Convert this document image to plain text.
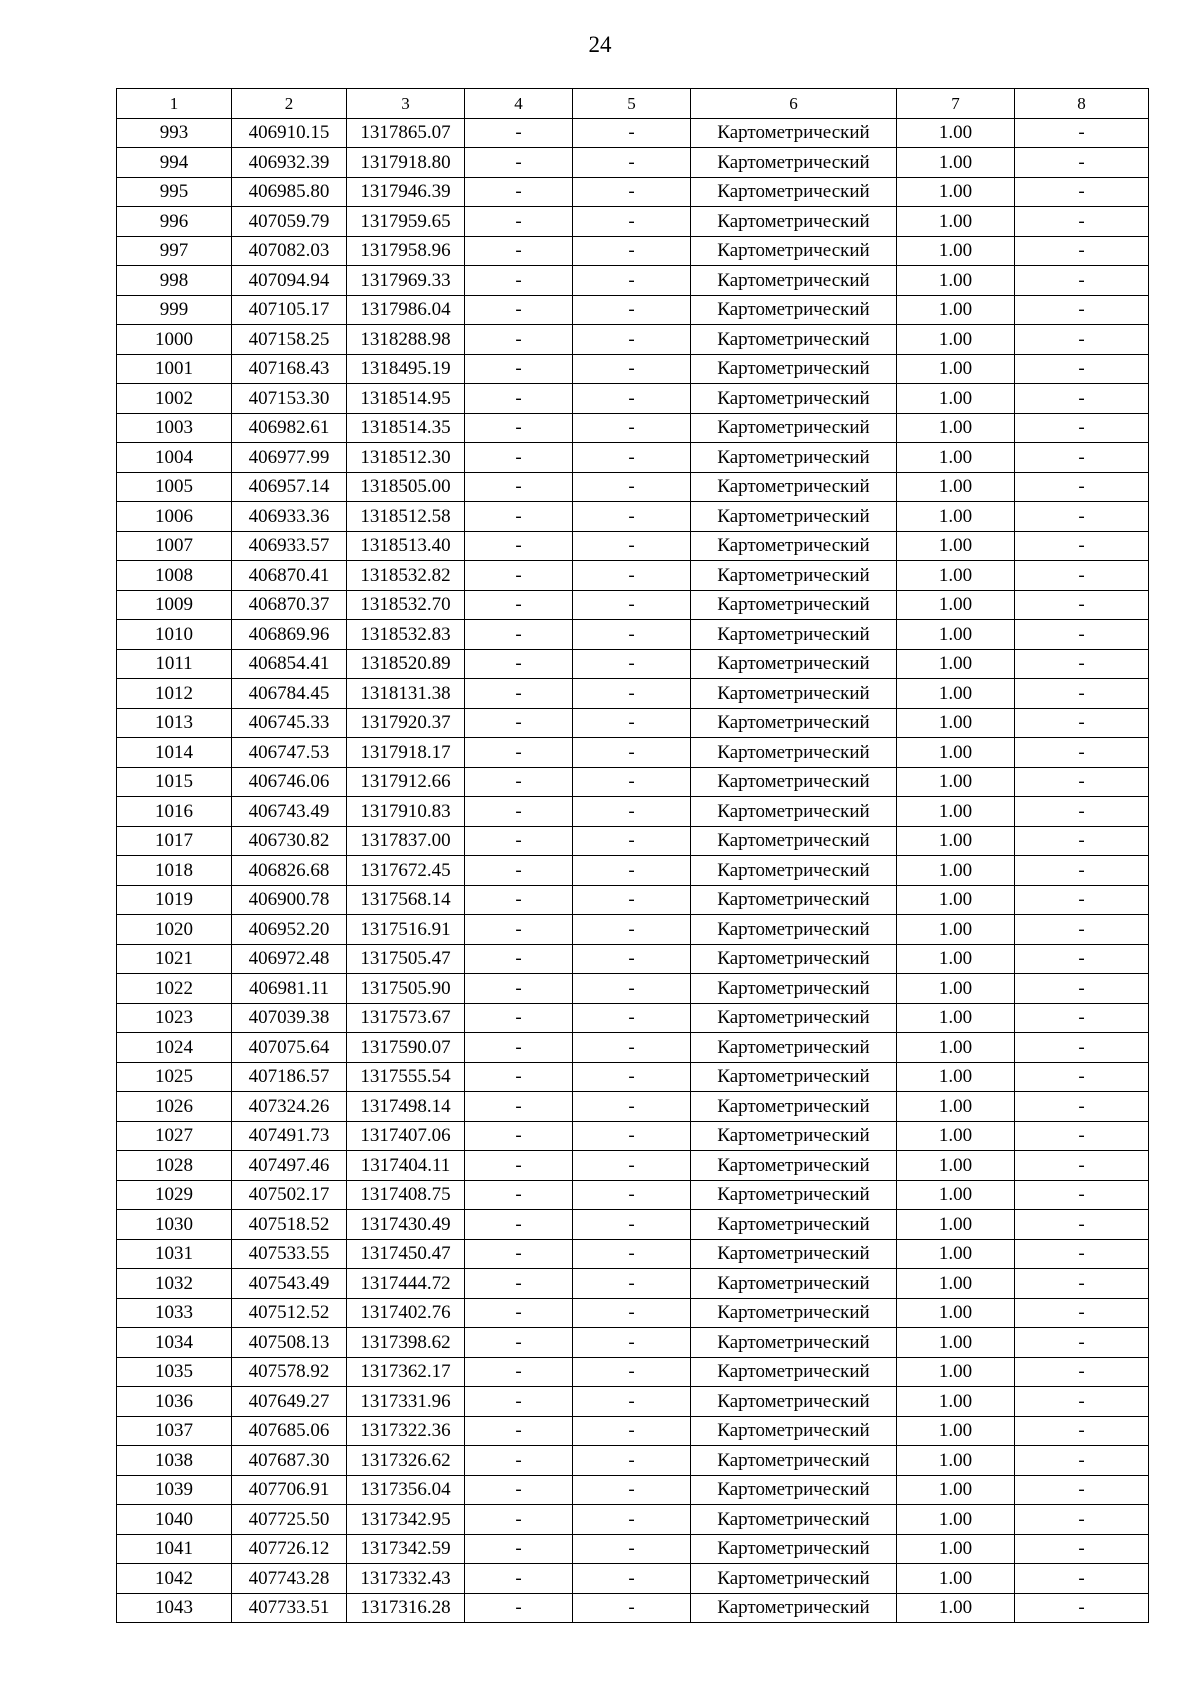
24
1	2	3	4	5	6	7	8
993	406910.15	1317865.07	-	-	Картометрический	1.00	-
994	406932.39	1317918.80	-	-	Картометрический	1.00	-
995	406985.80	1317946.39	-	-	Картометрический	1.00	-
996	407059.79	1317959.65	-	-	Картометрический	1.00	-
997	407082.03	1317958.96	-	-	Картометрический	1.00	-
998	407094.94	1317969.33	-	-	Картометрический	1.00	-
999	407105.17	1317986.04	-	-	Картометрический	1.00	-
1000	407158.25	1318288.98	-	-	Картометрический	1.00	-
1001	407168.43	1318495.19	-	-	Картометрический	1.00	-
1002	407153.30	1318514.95	-	-	Картометрический	1.00	-
1003	406982.61	1318514.35	-	-	Картометрический	1.00	-
1004	406977.99	1318512.30	-	-	Картометрический	1.00	-
1005	406957.14	1318505.00	-	-	Картометрический	1.00	-
1006	406933.36	1318512.58	-	-	Картометрический	1.00	-
1007	406933.57	1318513.40	-	-	Картометрический	1.00	-
1008	406870.41	1318532.82	-	-	Картометрический	1.00	-
1009	406870.37	1318532.70	-	-	Картометрический	1.00	-
1010	406869.96	1318532.83	-	-	Картометрический	1.00	-
1011	406854.41	1318520.89	-	-	Картометрический	1.00	-
1012	406784.45	1318131.38	-	-	Картометрический	1.00	-
1013	406745.33	1317920.37	-	-	Картометрический	1.00	-
1014	406747.53	1317918.17	-	-	Картометрический	1.00	-
1015	406746.06	1317912.66	-	-	Картометрический	1.00	-
1016	406743.49	1317910.83	-	-	Картометрический	1.00	-
1017	406730.82	1317837.00	-	-	Картометрический	1.00	-
1018	406826.68	1317672.45	-	-	Картометрический	1.00	-
1019	406900.78	1317568.14	-	-	Картометрический	1.00	-
1020	406952.20	1317516.91	-	-	Картометрический	1.00	-
1021	406972.48	1317505.47	-	-	Картометрический	1.00	-
1022	406981.11	1317505.90	-	-	Картометрический	1.00	-
1023	407039.38	1317573.67	-	-	Картометрический	1.00	-
1024	407075.64	1317590.07	-	-	Картометрический	1.00	-
1025	407186.57	1317555.54	-	-	Картометрический	1.00	-
1026	407324.26	1317498.14	-	-	Картометрический	1.00	-
1027	407491.73	1317407.06	-	-	Картометрический	1.00	-
1028	407497.46	1317404.11	-	-	Картометрический	1.00	-
1029	407502.17	1317408.75	-	-	Картометрический	1.00	-
1030	407518.52	1317430.49	-	-	Картометрический	1.00	-
1031	407533.55	1317450.47	-	-	Картометрический	1.00	-
1032	407543.49	1317444.72	-	-	Картометрический	1.00	-
1033	407512.52	1317402.76	-	-	Картометрический	1.00	-
1034	407508.13	1317398.62	-	-	Картометрический	1.00	-
1035	407578.92	1317362.17	-	-	Картометрический	1.00	-
1036	407649.27	1317331.96	-	-	Картометрический	1.00	-
1037	407685.06	1317322.36	-	-	Картометрический	1.00	-
1038	407687.30	1317326.62	-	-	Картометрический	1.00	-
1039	407706.91	1317356.04	-	-	Картометрический	1.00	-
1040	407725.50	1317342.95	-	-	Картометрический	1.00	-
1041	407726.12	1317342.59	-	-	Картометрический	1.00	-
1042	407743.28	1317332.43	-	-	Картометрический	1.00	-
1043	407733.51	1317316.28	-	-	Картометрический	1.00	-
